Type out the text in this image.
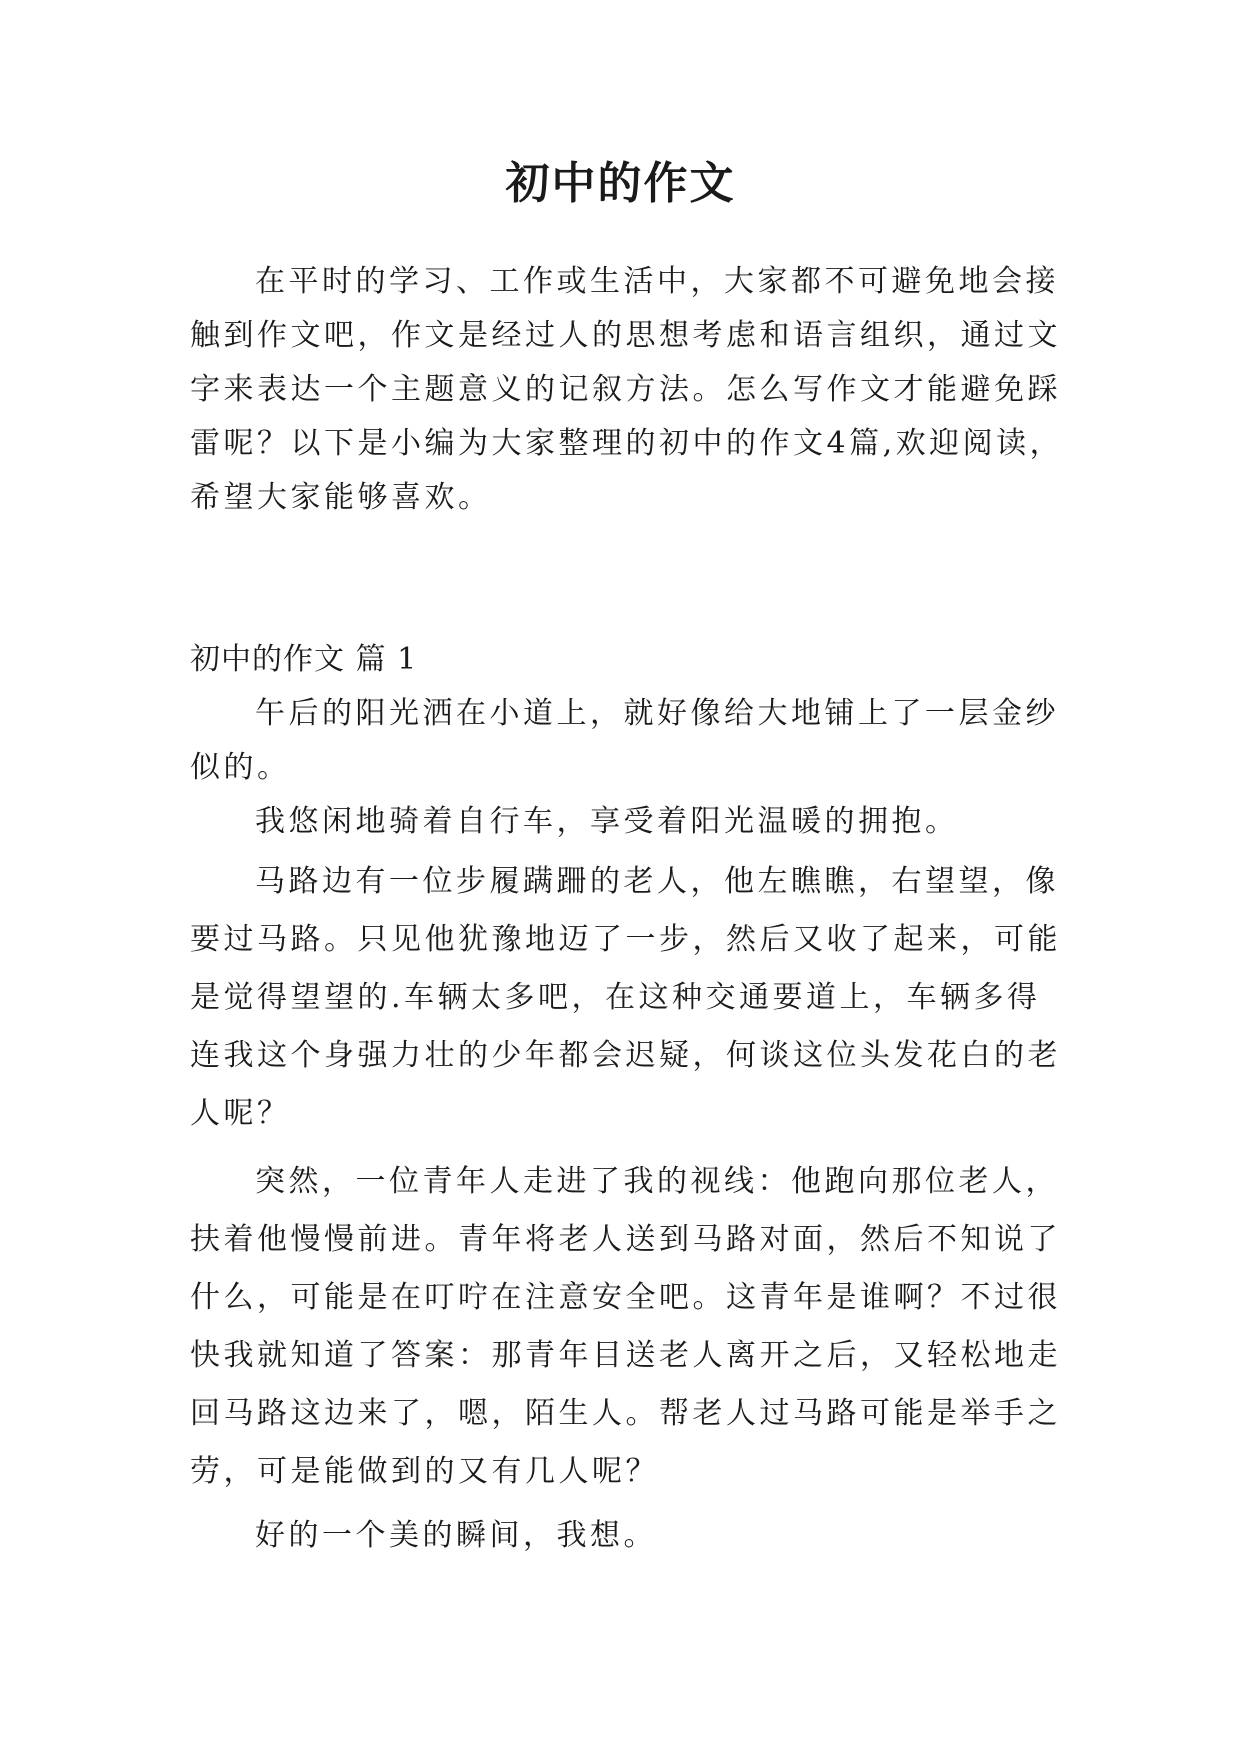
初中的作文
在平时的学习、工作或生活中，大家都不可避免地会接
触到作文吧，作文是经过人的思想考虑和语言组织，通过文
字来表达一个主题意义的记叙方法。怎么写作文才能避免踩
雷呢？以下是小编为大家整理的初中的作文4篇,欢迎阅读，
希望大家能够喜欢。
初中的作文 篇 1
午后的阳光洒在小道上，就好像给大地铺上了一层金纱
似的。
我悠闲地骑着自行车，享受着阳光温暖的拥抱。
马路边有一位步履蹒跚的老人，他左瞧瞧，右望望，像
要过马路。只见他犹豫地迈了一步，然后又收了起来，可能
是觉得望望的.车辆太多吧，在这种交通要道上，车辆多得
连我这个身强力壮的少年都会迟疑，何谈这位头发花白的老
人呢？
突然，一位青年人走进了我的视线：他跑向那位老人，
扶着他慢慢前进。青年将老人送到马路对面，然后不知说了
什么，可能是在叮咛在注意安全吧。这青年是谁啊？不过很
快我就知道了答案：那青年目送老人离开之后，又轻松地走
回马路这边来了，嗯，陌生人。帮老人过马路可能是举手之
劳，可是能做到的又有几人呢？
好的一个美的瞬间，我想。
